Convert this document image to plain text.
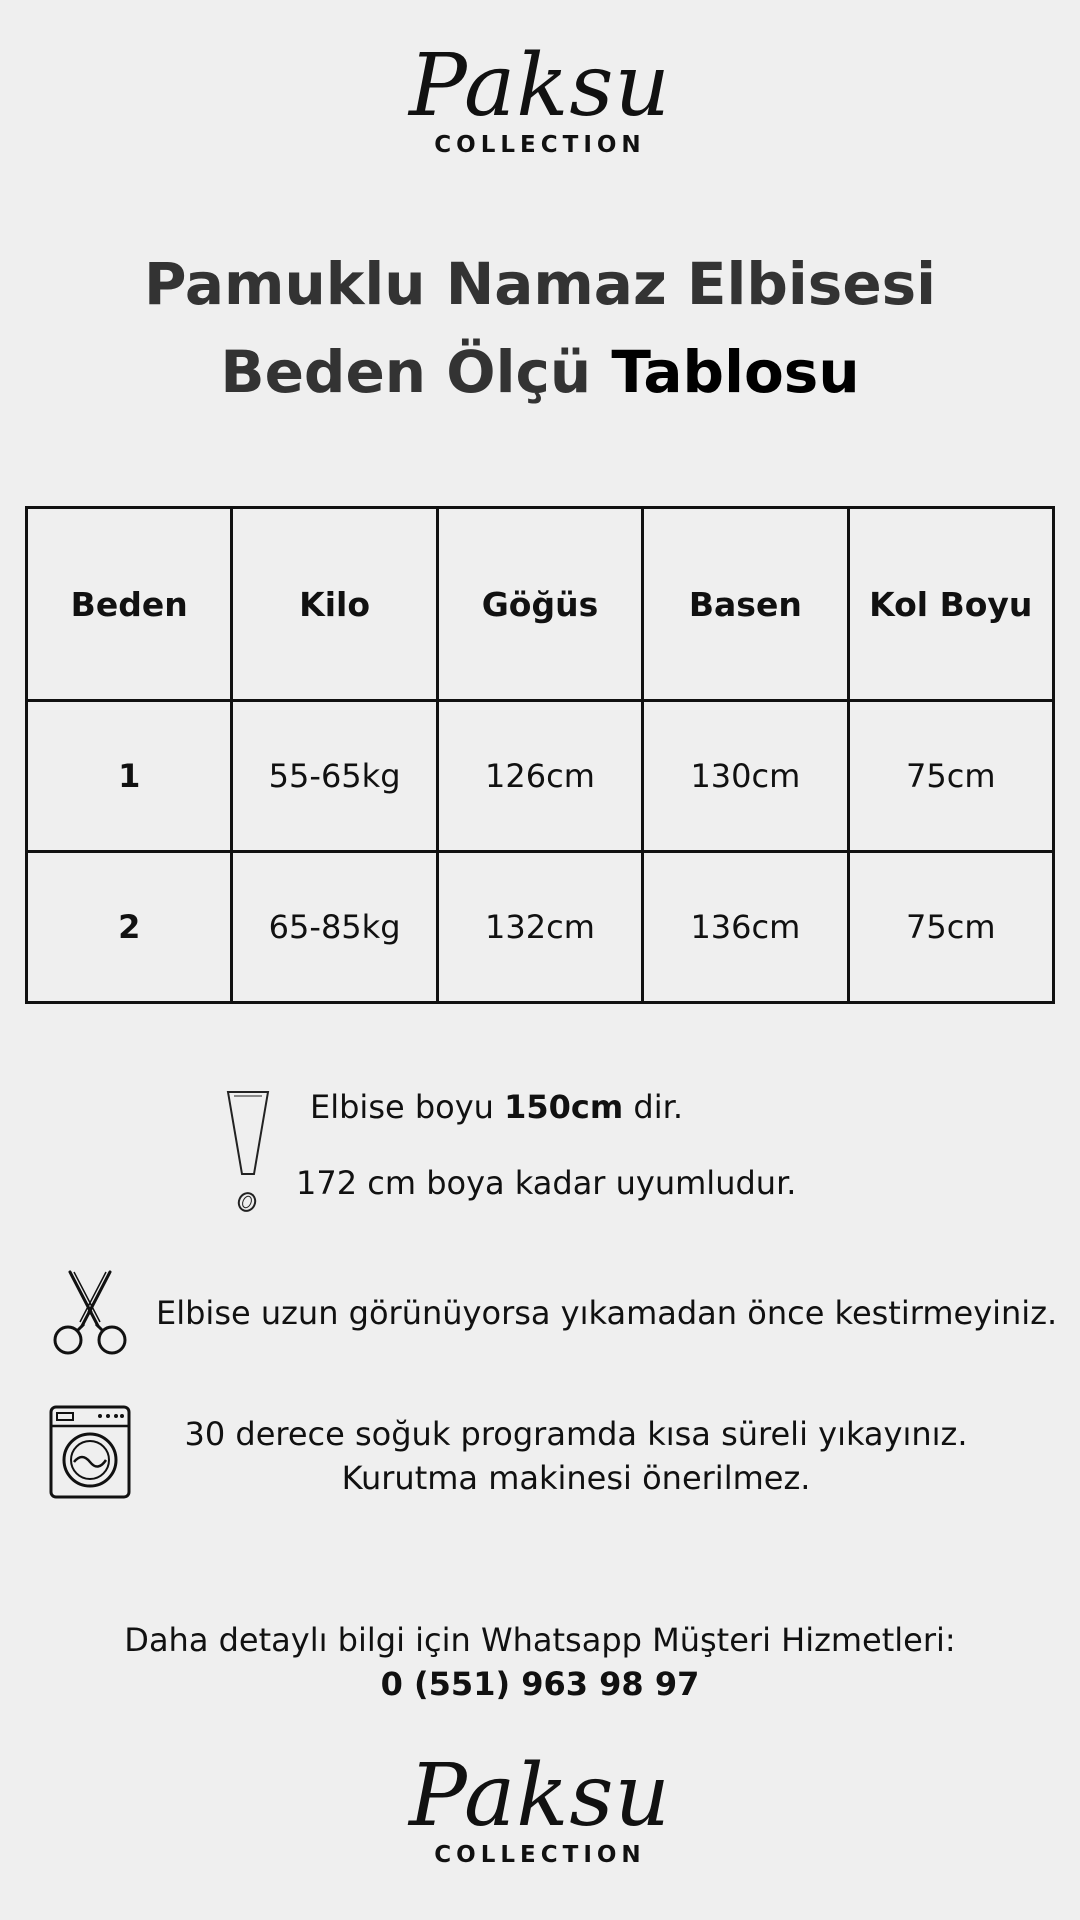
Paksu
COLLECTION
Pamuklu Namaz Elbisesi
Beden Ölçü Tablosu
Beden	Kilo	Göğüs	Basen	Kol Boyu
1	55-65kg	126cm	130cm	75cm
2	65-85kg	132cm	136cm	75cm
Elbise boyu 150cm dir.
172 cm boya kadar uyumludur.
Elbise uzun görünüyorsa yıkamadan önce kestirmeyiniz.
30 derece soğuk programda kısa süreli yıkayınız.
Kurutma makinesi önerilmez.
Daha detaylı bilgi için Whatsapp Müşteri Hizmetleri:
0 (551) 963 98 97
Paksu
COLLECTION
